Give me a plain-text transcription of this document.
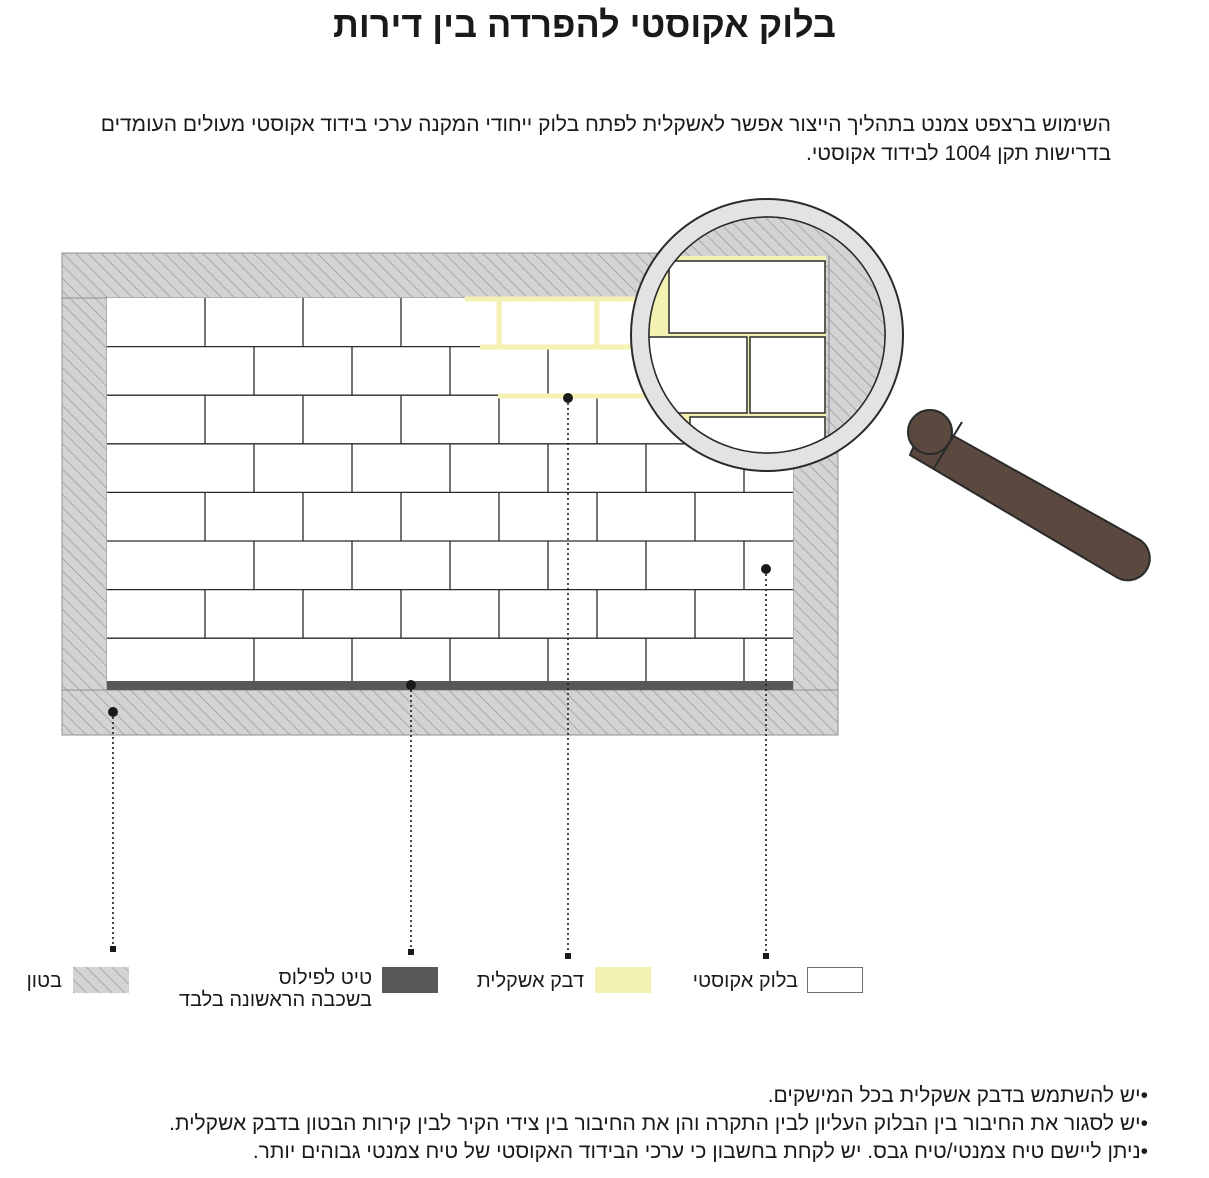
בלוק אקוסטי להפרדה בין דירות

השימוש ברצפט צמנט בתהליך הייצור אפשר לאשקלית לפתח בלוק ייחודי המקנה ערכי בידוד אקוסטי מעולים העומדים בדרישות תקן 1004 לבידוד אקוסטי.

בלוק אקוסטי
דבק אשקלית
טיט לפילוס
בשכבה הראשונה בלבד
בטון
• יש להשתמש בדבק אשקלית בכל המישקים.
• יש לסגור את החיבור בין הבלוק העליון לבין התקרה והן את החיבור בין צידי הקיר לבין קירות הבטון בדבק אשקלית.
• ניתן ליישם טיח צמנטי/טיח גבס. יש לקחת בחשבון כי ערכי הבידוד האקוסטי של טיח צמנטי גבוהים יותר.
